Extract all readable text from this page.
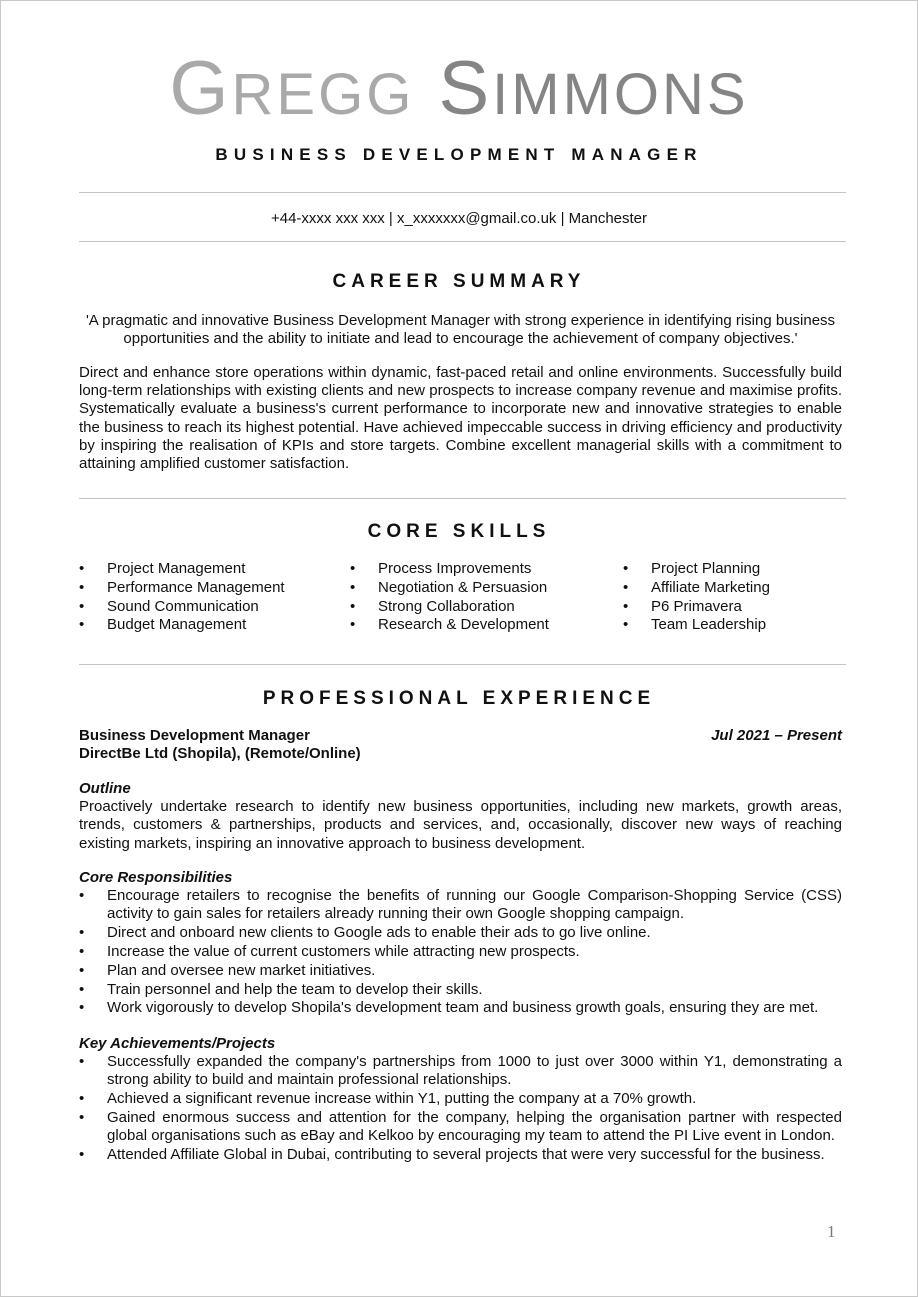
GREGG SIMMONS
BUSINESS DEVELOPMENT MANAGER
+44-xxxx xxx xxx | x_xxxxxxx@gmail.co.uk | Manchester
CAREER SUMMARY
'A pragmatic and innovative Business Development Manager with strong experience in identifying rising business opportunities and the ability to initiate and lead to encourage the achievement of company objectives.'
Direct and enhance store operations within dynamic, fast-paced retail and online environments. Successfully build long-term relationships with existing clients and new prospects to increase company revenue and maximise profits. Systematically evaluate a business's current performance to incorporate new and innovative strategies to enable the business to reach its highest potential. Have achieved impeccable success in driving efficiency and productivity by inspiring the realisation of KPIs and store targets. Combine excellent managerial skills with a commitment to attaining amplified customer satisfaction.
CORE SKILLS
• Project Management
• Performance Management
• Sound Communication
• Budget Management
• Process Improvements
• Negotiation & Persuasion
• Strong Collaboration
• Research & Development
• Project Planning
• Affiliate Marketing
• P6 Primavera
• Team Leadership
PROFESSIONAL EXPERIENCE
Business Development Manager
DirectBe Ltd (Shopila), (Remote/Online)
Jul 2021 – Present
Outline
Proactively undertake research to identify new business opportunities, including new markets, growth areas, trends, customers & partnerships, products and services, and, occasionally, discover new ways of reaching existing markets, inspiring an innovative approach to business development.
Core Responsibilities
• Encourage retailers to recognise the benefits of running our Google Comparison-Shopping Service (CSS) activity to gain sales for retailers already running their own Google shopping campaign.
• Direct and onboard new clients to Google ads to enable their ads to go live online.
• Increase the value of current customers while attracting new prospects.
• Plan and oversee new market initiatives.
• Train personnel and help the team to develop their skills.
• Work vigorously to develop Shopila's development team and business growth goals, ensuring they are met.
Key Achievements/Projects
• Successfully expanded the company's partnerships from 1000 to just over 3000 within Y1, demonstrating a strong ability to build and maintain professional relationships.
• Achieved a significant revenue increase within Y1, putting the company at a 70% growth.
• Gained enormous success and attention for the company, helping the organisation partner with respected global organisations such as eBay and Kelkoo by encouraging my team to attend the PI Live event in London.
• Attended Affiliate Global in Dubai, contributing to several projects that were very successful for the business.
1
